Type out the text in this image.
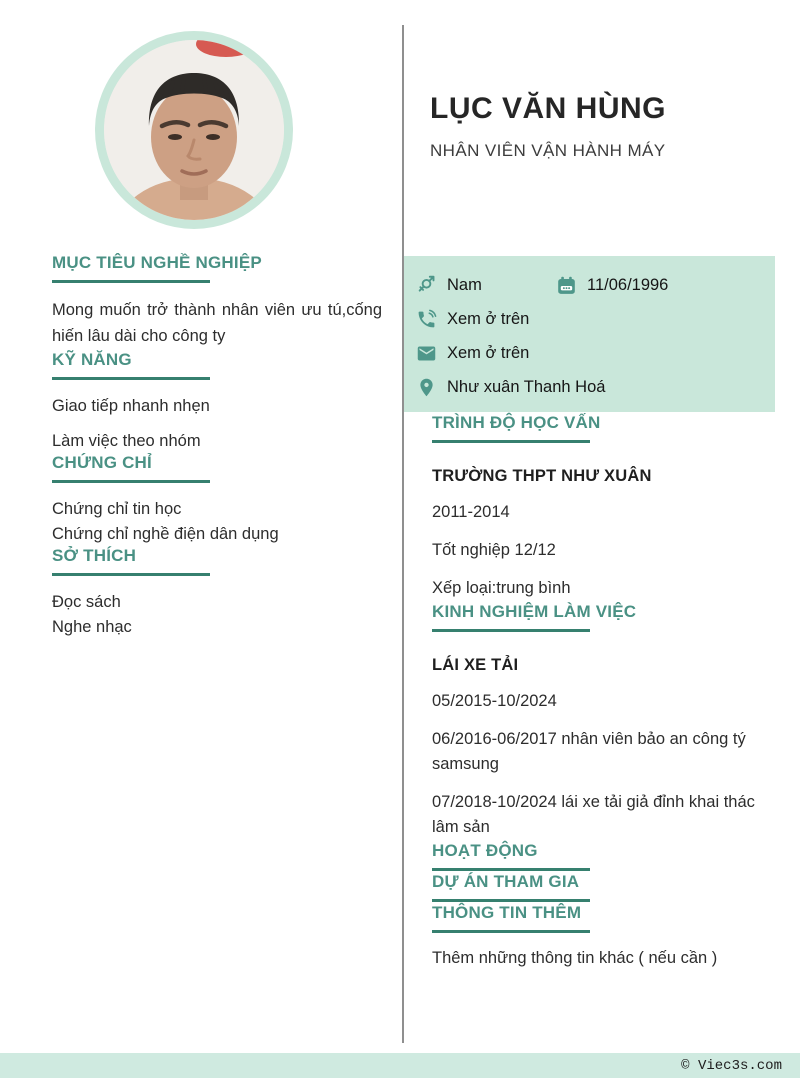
LỤC VĂN HÙNG
NHÂN VIÊN VẬN HÀNH MÁY
Nam	11/06/1996
Xem ở trên
Xem ở trên
Như xuân Thanh Hoá
MỤC TIÊU NGHỀ NGHIỆP

Mong muốn trở thành nhân viên ưu tú,cống hiến lâu dài cho công ty

KỸ NĂNG

Giao tiếp nhanh nhẹn

Làm việc theo nhóm

CHỨNG CHỈ

Chứng chỉ tin học

Chứng chỉ nghề điện dân dụng

SỞ THÍCH

Đọc sách

Nghe nhạc

TRÌNH ĐỘ HỌC VẤN
TRƯỜNG THPT NHƯ XUÂN

2011-2014

Tốt nghiệp 12/12

Xếp loại:trung bình

KINH NGHIỆM LÀM VIỆC
LÁI XE TẢI

05/2015-10/2024

06/2016-06/2017 nhân viên bảo an công tý samsung

07/2018-10/2024 lái xe tải giả đỉnh khai thác lâm sản

HOẠT ĐỘNG
DỰ ÁN THAM GIA
THÔNG TIN THÊM

Thêm những thông tin khác ( nếu cần )

© Viec3s.com
